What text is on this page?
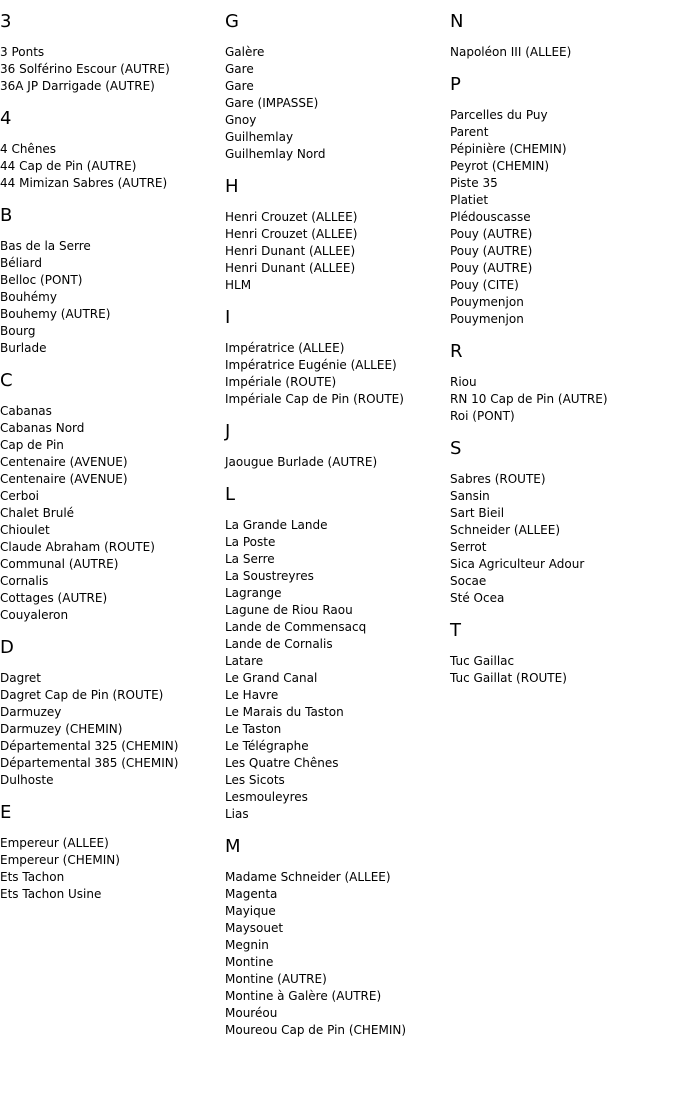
3
3 Ponts
36 Solférino Escour (AUTRE)
36A JP Darrigade (AUTRE)
4
4 Chênes
44 Cap de Pin (AUTRE)
44 Mimizan Sabres (AUTRE)
B
Bas de la Serre
Béliard
Belloc (PONT)
Bouhémy
Bouhemy (AUTRE)
Bourg
Burlade
C
Cabanas
Cabanas Nord
Cap de Pin
Centenaire (AVENUE)
Centenaire (AVENUE)
Cerboi
Chalet Brulé
Chioulet
Claude Abraham (ROUTE)
Communal (AUTRE)
Cornalis
Cottages (AUTRE)
Couyaleron
D
Dagret
Dagret Cap de Pin (ROUTE)
Darmuzey
Darmuzey (CHEMIN)
Départemental 325 (CHEMIN)
Départemental 385 (CHEMIN)
Dulhoste
E
Empereur (ALLEE)
Empereur (CHEMIN)
Ets Tachon
Ets Tachon Usine
G
Galère
Gare
Gare
Gare (IMPASSE)
Gnoy
Guilhemlay
Guilhemlay Nord
H
Henri Crouzet (ALLEE)
Henri Crouzet (ALLEE)
Henri Dunant (ALLEE)
Henri Dunant (ALLEE)
HLM
I
Impératrice (ALLEE)
Impératrice Eugénie (ALLEE)
Impériale (ROUTE)
Impériale Cap de Pin (ROUTE)
J
Jaougue Burlade (AUTRE)
L
La Grande Lande
La Poste
La Serre
La Soustreyres
Lagrange
Lagune de Riou Raou
Lande de Commensacq
Lande de Cornalis
Latare
Le Grand Canal
Le Havre
Le Marais du Taston
Le Taston
Le Télégraphe
Les Quatre Chênes
Les Sicots
Lesmouleyres
Lias
M
Madame Schneider (ALLEE)
Magenta
Mayique
Maysouet
Megnin
Montine
Montine (AUTRE)
Montine à Galère (AUTRE)
Mouréou
Moureou Cap de Pin (CHEMIN)
N
Napoléon III (ALLEE)
P
Parcelles du Puy
Parent
Pépinière (CHEMIN)
Peyrot (CHEMIN)
Piste 35
Platiet
Plédouscasse
Pouy (AUTRE)
Pouy (AUTRE)
Pouy (AUTRE)
Pouy (CITE)
Pouymenjon
Pouymenjon
R
Riou
RN 10 Cap de Pin (AUTRE)
Roi (PONT)
S
Sabres (ROUTE)
Sansin
Sart Bieil
Schneider (ALLEE)
Serrot
Sica Agriculteur Adour
Socae
Sté Ocea
T
Tuc Gaillac
Tuc Gaillat (ROUTE)
